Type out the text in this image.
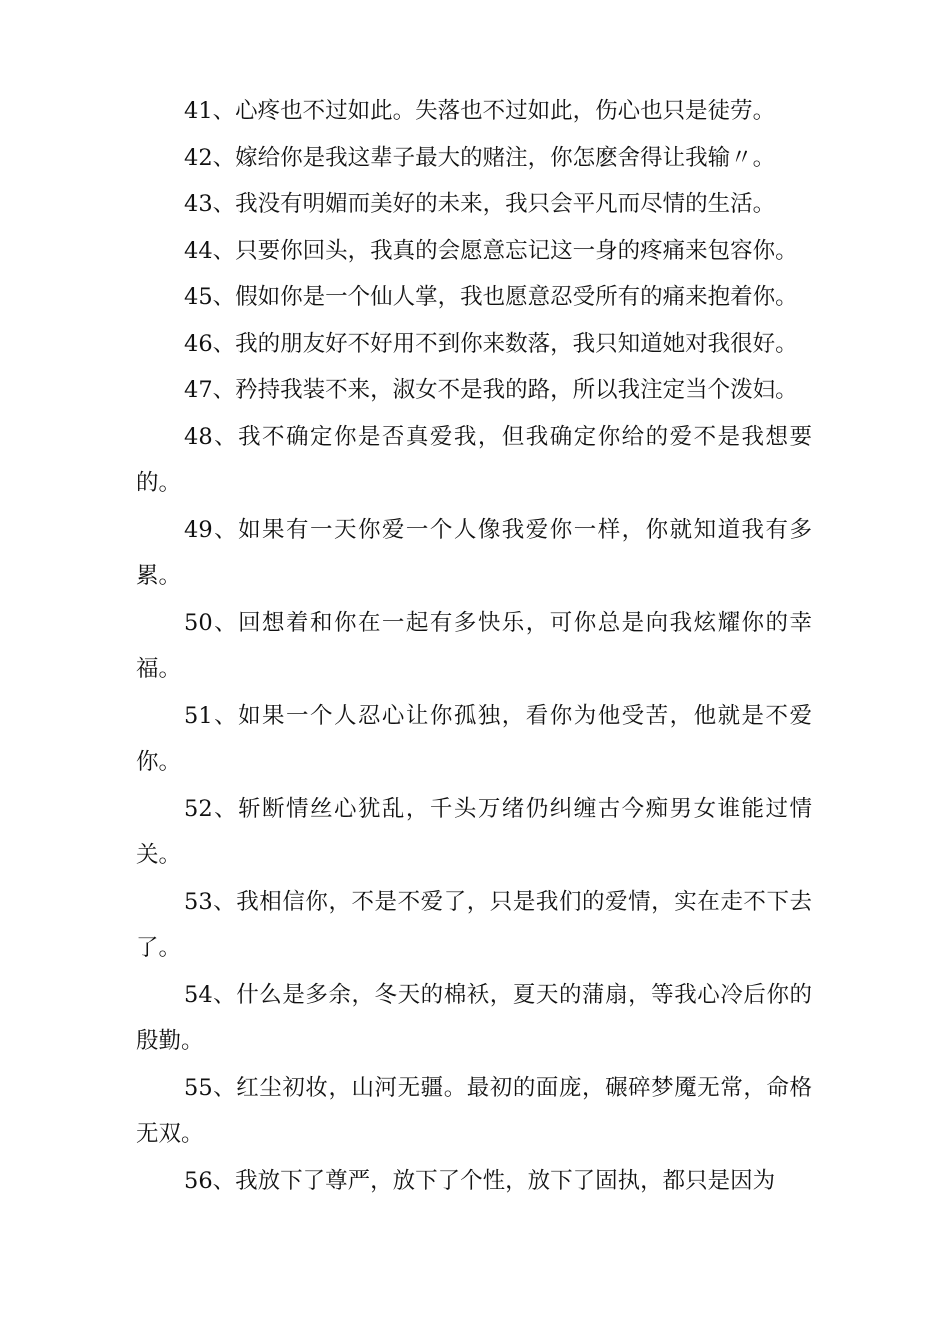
41、心疼也不过如此。失落也不过如此，伤心也只是徒劳。

42、嫁给你是我这辈子最大的赌注，你怎麽舍得让我输〃。

43、我没有明媚而美好的未来，我只会平凡而尽情的生活。

44、只要你回头，我真的会愿意忘记这一身的疼痛来包容你。

45、假如你是一个仙人掌，我也愿意忍受所有的痛来抱着你。

46、我的朋友好不好用不到你来数落，我只知道她对我很好。

47、矜持我装不来，淑女不是我的路，所以我注定当个泼妇。

48、我不确定你是否真爱我，但我确定你给的爱不是我想要的。

49、如果有一天你爱一个人像我爱你一样，你就知道我有多累。

50、回想着和你在一起有多快乐，可你总是向我炫耀你的幸福。

51、如果一个人忍心让你孤独，看你为他受苦，他就是不爱你。

52、斩断情丝心犹乱，千头万绪仍纠缠古今痴男女谁能过情关。

53、我相信你，不是不爱了，只是我们的爱情，实在走不下去了。

54、什么是多余，冬天的棉袄，夏天的蒲扇，等我心冷后你的殷勤。

55、红尘初妆，山河无疆。最初的面庞，碾碎梦魇无常，命格无双。

56、我放下了尊严，放下了个性，放下了固执，都只是因为
